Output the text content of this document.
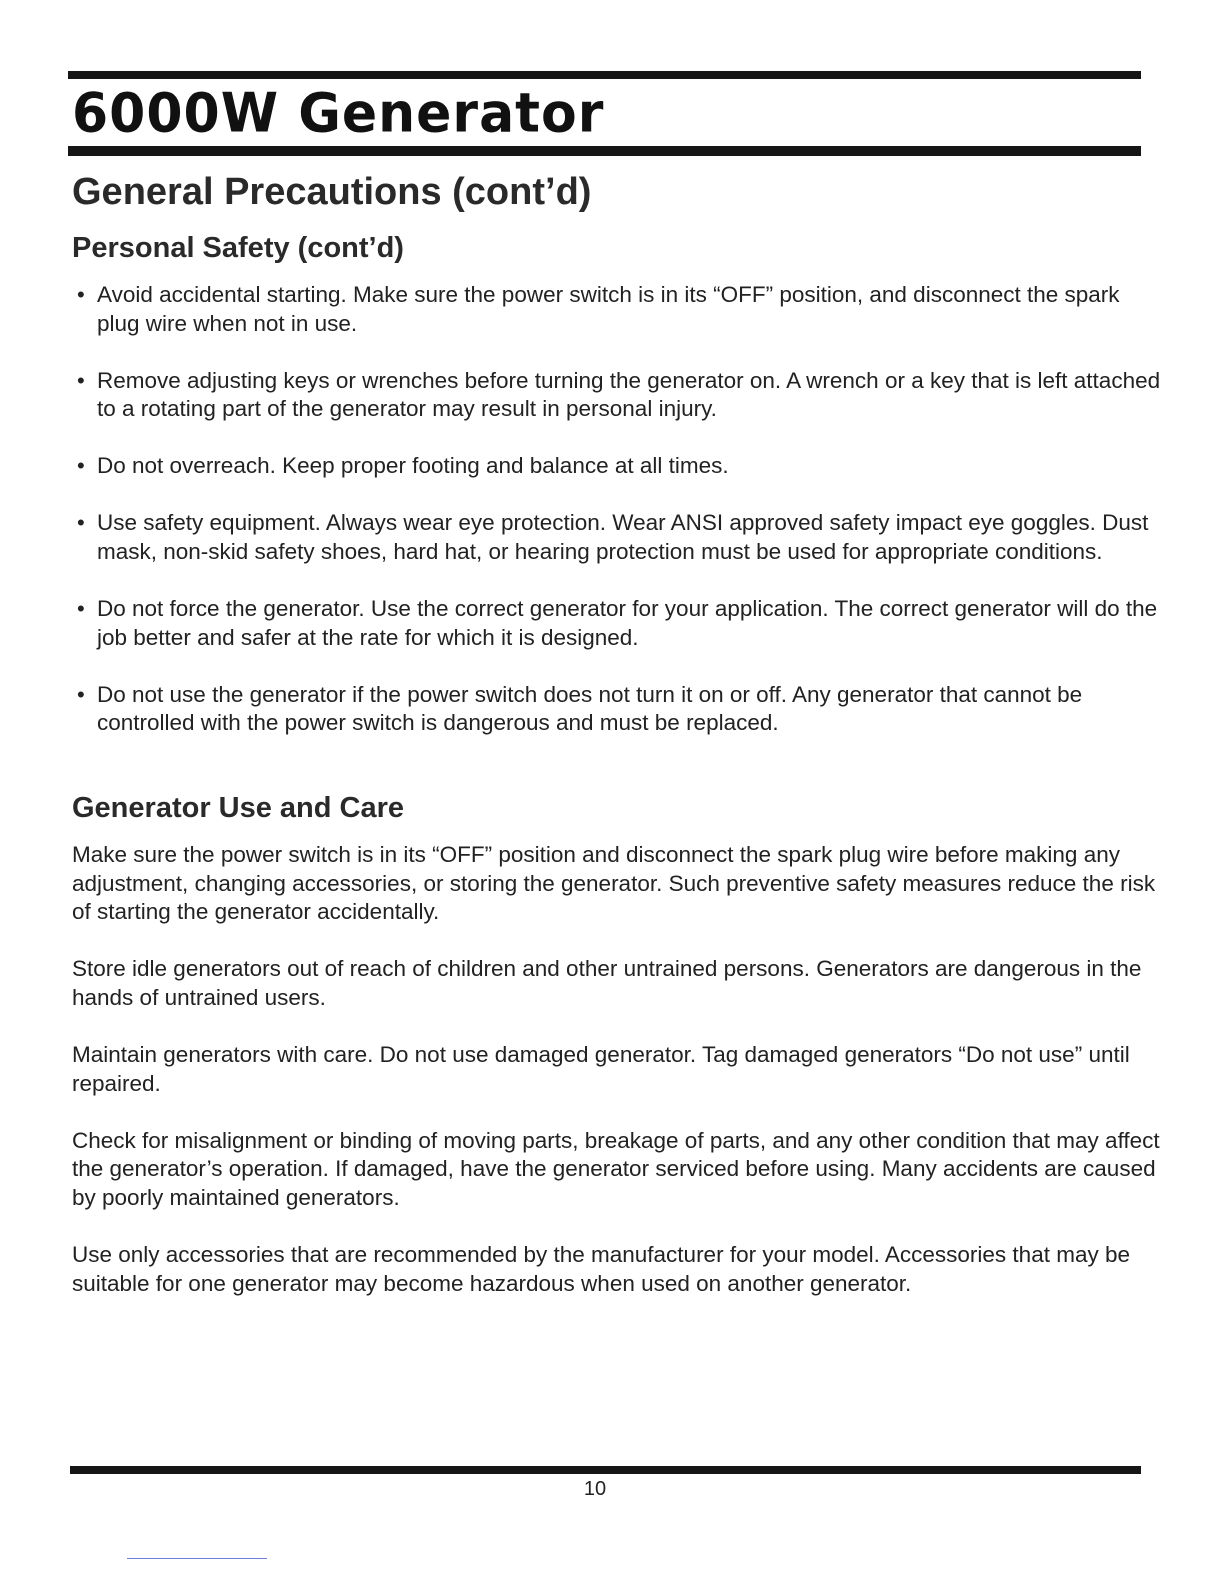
6000W Generator
General Precautions (cont’d)
Personal Safety (cont’d)
• Avoid accidental starting. Make sure the power switch is in its “OFF” position, and disconnect the spark plug wire when not in use.
• Remove adjusting keys or wrenches before turning the generator on. A wrench or a key that is left attached to a rotating part of the generator may result in personal injury.
• Do not overreach. Keep proper footing and balance at all times.
• Use safety equipment. Always wear eye protection. Wear ANSI approved safety impact eye goggles. Dust mask, non-skid safety shoes, hard hat, or hearing protection must be used for appropriate conditions.
• Do not force the generator. Use the correct generator for your application. The correct generator will do the job better and safer at the rate for which it is designed.
• Do not use the generator if the power switch does not turn it on or off. Any generator that cannot be controlled with the power switch is dangerous and must be replaced.
Generator Use and Care

Make sure the power switch is in its “OFF” position and disconnect the spark plug wire before making any adjustment, changing accessories, or storing the generator. Such preventive safety measures reduce the risk of starting the generator accidentally.

Store idle generators out of reach of children and other untrained persons. Generators are dangerous in the hands of untrained users.

Maintain generators with care. Do not use damaged generator. Tag damaged generators “Do not use” until repaired.

Check for misalignment or binding of moving parts, breakage of parts, and any other condition that may affect the generator’s operation. If damaged, have the generator serviced before using. Many accidents are caused by poorly maintained generators.

Use only accessories that are recommended by the manufacturer for your model. Accessories that may be suitable for one generator may become hazardous when used on another generator.

10
